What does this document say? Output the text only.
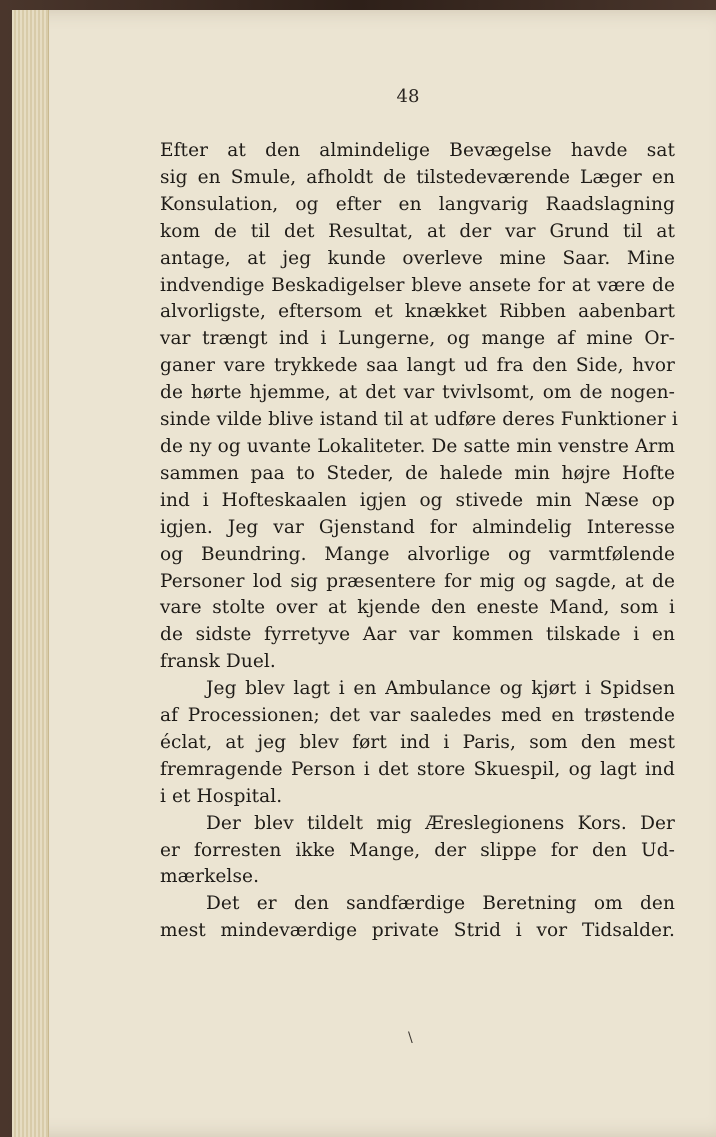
48
Efter at den almindelige Bevægelse havde sat
sig en Smule, afholdt de tilstedeværende Læger en
Konsulation, og efter en langvarig Raadslagning
kom de til det Resultat, at der var Grund til at
antage, at jeg kunde overleve mine Saar. Mine
indvendige Beskadigelser bleve ansete for at være de
alvorligste, eftersom et knækket Ribben aabenbart
var trængt ind i Lungerne, og mange af mine Or-
ganer vare trykkede saa langt ud fra den Side, hvor
de hørte hjemme, at det var tvivlsomt, om de nogen-
sinde vilde blive istand til at udføre deres Funktioner i
de ny og uvante Lokaliteter. De satte min venstre Arm
sammen paa to Steder, de halede min højre Hofte
ind i Hofteskaalen igjen og stivede min Næse op
igjen. Jeg var Gjenstand for almindelig Interesse
og Beundring. Mange alvorlige og varmtfølende
Personer lod sig præsentere for mig og sagde, at de
vare stolte over at kjende den eneste Mand, som i
de sidste fyrretyve Aar var kommen tilskade i en
fransk Duel.
Jeg blev lagt i en Ambulance og kjørt i Spidsen
af Processionen; det var saaledes med en trøstende
éclat, at jeg blev ført ind i Paris, som den mest
fremragende Person i det store Skuespil, og lagt ind
i et Hospital.
Der blev tildelt mig Æreslegionens Kors. Der
er forresten ikke Mange, der slippe for den Ud-
mærkelse.
Det er den sandfærdige Beretning om den
mest mindeværdige private Strid i vor Tidsalder.
\
